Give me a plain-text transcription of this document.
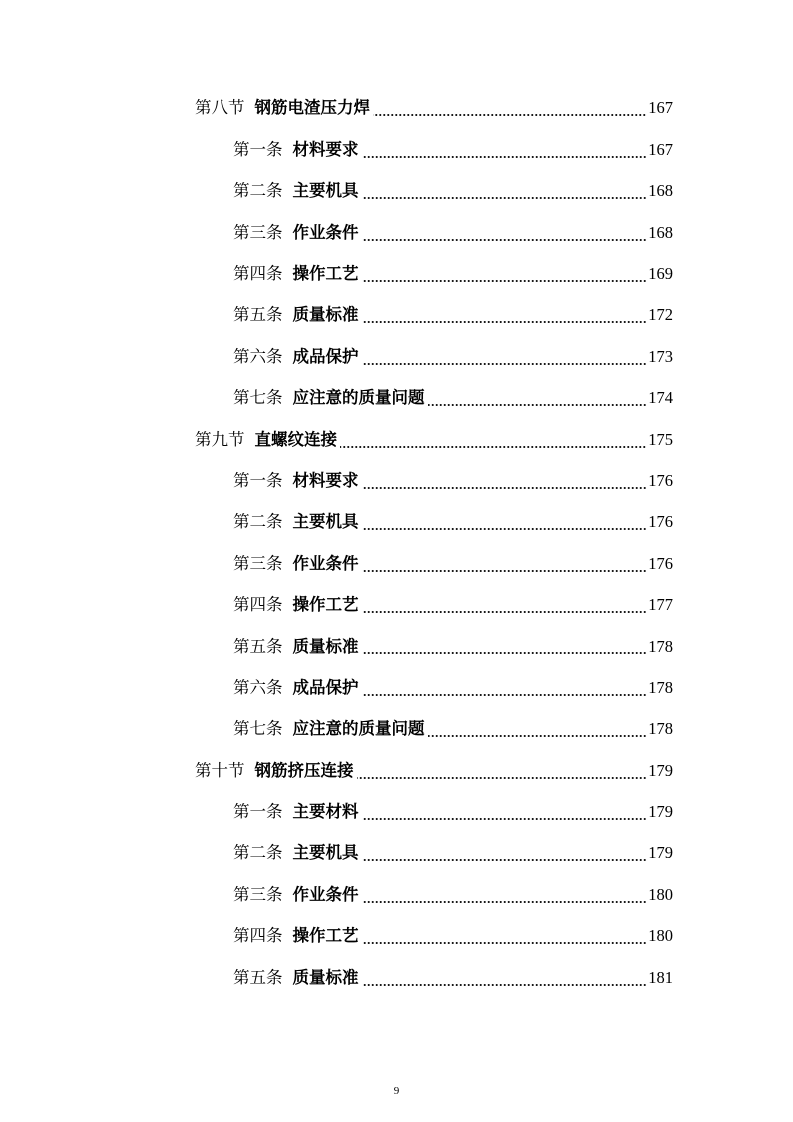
第八节 钢筋电渣压力焊	167
第一条 材料要求	167
第二条 主要机具	168
第三条 作业条件	168
第四条 操作工艺	169
第五条 质量标准	172
第六条 成品保护	173
第七条 应注意的质量问题	174
第九节 直螺纹连接	175
第一条 材料要求	176
第二条 主要机具	176
第三条 作业条件	176
第四条 操作工艺	177
第五条 质量标准	178
第六条 成品保护	178
第七条 应注意的质量问题	178
第十节 钢筋挤压连接	179
第一条 主要材料	179
第二条 主要机具	179
第三条 作业条件	180
第四条 操作工艺	180
第五条 质量标准	181
9
